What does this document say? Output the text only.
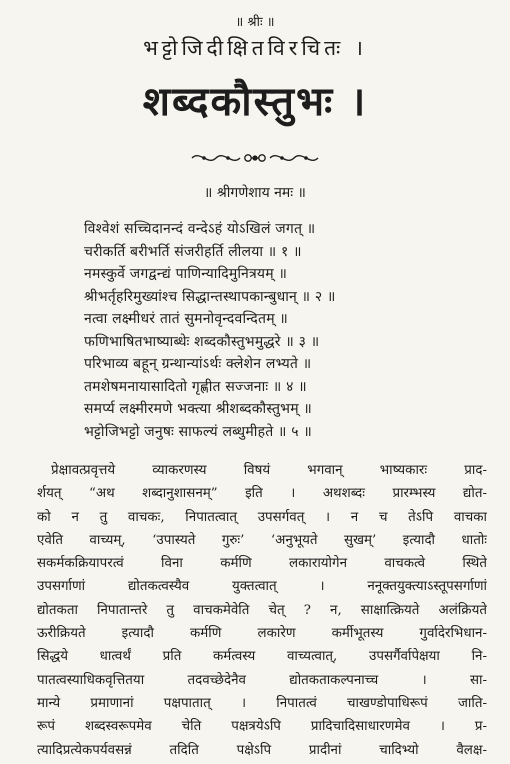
॥ श्रीः ॥
भट्टोजिदीक्षितविरचितः ।
शब्दकौस्तुभः ।
॥ श्रीगणेशाय नमः ॥
विश्वेशं सच्चिदानन्दं वन्देऽहं योऽखिलं जगत् ॥
चरीकर्ति बरीभर्ति संजरीहर्ति लीलया ॥ १ ॥
नमस्कुर्वे जगद्वन्द्यं पाणिन्यादिमुनित्रयम् ॥
श्रीभर्तृहरिमुख्यांश्च सिद्धान्तस्थापकान्बुधान् ॥ २ ॥
नत्वा लक्ष्मीधरं तातं सुमनोवृन्दवन्दितम् ॥
फणिभाषितभाष्याब्धेः शब्दकौस्तुभमुद्धरे ॥ ३ ॥
परिभाव्य बहून् ग्रन्थान्यांऽर्थः क्लेशेन लभ्यते ॥
तमशेषमनायासादितो गृह्णीत सज्जनाः ॥ ४ ॥
समर्प्य लक्ष्मीरमणे भक्त्या श्रीशब्दकौस्तुभम् ॥
भट्टोजिभट्टो जनुषः साफल्यं लब्धुमीहते ॥ ५ ॥
प्रेक्षावत्प्रवृत्तये व्याकरणस्य विषयं भगवान् भाष्यकारः प्राद-
र्शयत् “अथ शब्दानुशासनम्” इति । अथशब्दः प्रारम्भस्य द्योत-
को न तु वाचकः, निपातत्वात् उपसर्गवत् । न च तेऽपि वाचका
एवेति वाच्यम्, ‘उपास्यते गुरुः’ ‘अनुभूयते सुखम्’ इत्यादौ धातोः
सकर्मकक्रियापरत्वं विना कर्मणि लकारायोगेन वाचकत्वे स्थिते
उपसर्गाणां द्योतकत्वस्यैव युक्तत्वात् । ननूक्तयुक्त्याऽस्तूपसर्गाणां
द्योतकता निपातान्तरे तु वाचकमेवेति चेत् ? न, साक्षात्क्रियते अलंक्रियते
ऊरीक्रियते इत्यादौ कर्मणि लकारेण कर्मीभूतस्य गुर्वादेरभिधान-
सिद्धये धात्वर्थं प्रति कर्मत्वस्य वाच्यत्वात्, उपसर्गैर्वापेक्षया नि-
पातत्वस्याधिकवृत्तितया तदवच्छेदेनैव द्योतकताकल्पनाच्च । सा-
मान्ये प्रमाणानां पक्षपातात् । निपातत्वं चाखण्डोपाधिरूपं जाति-
रूपं शब्दस्वरूपमेव चेति पक्षत्रयेऽपि प्रादिचादिसाधारणमेव । प्र-
त्यादिप्रत्येकपर्यवसन्नं तदिति पक्षेऽपि प्रादीनां चादिभ्यो वैलक्ष-
